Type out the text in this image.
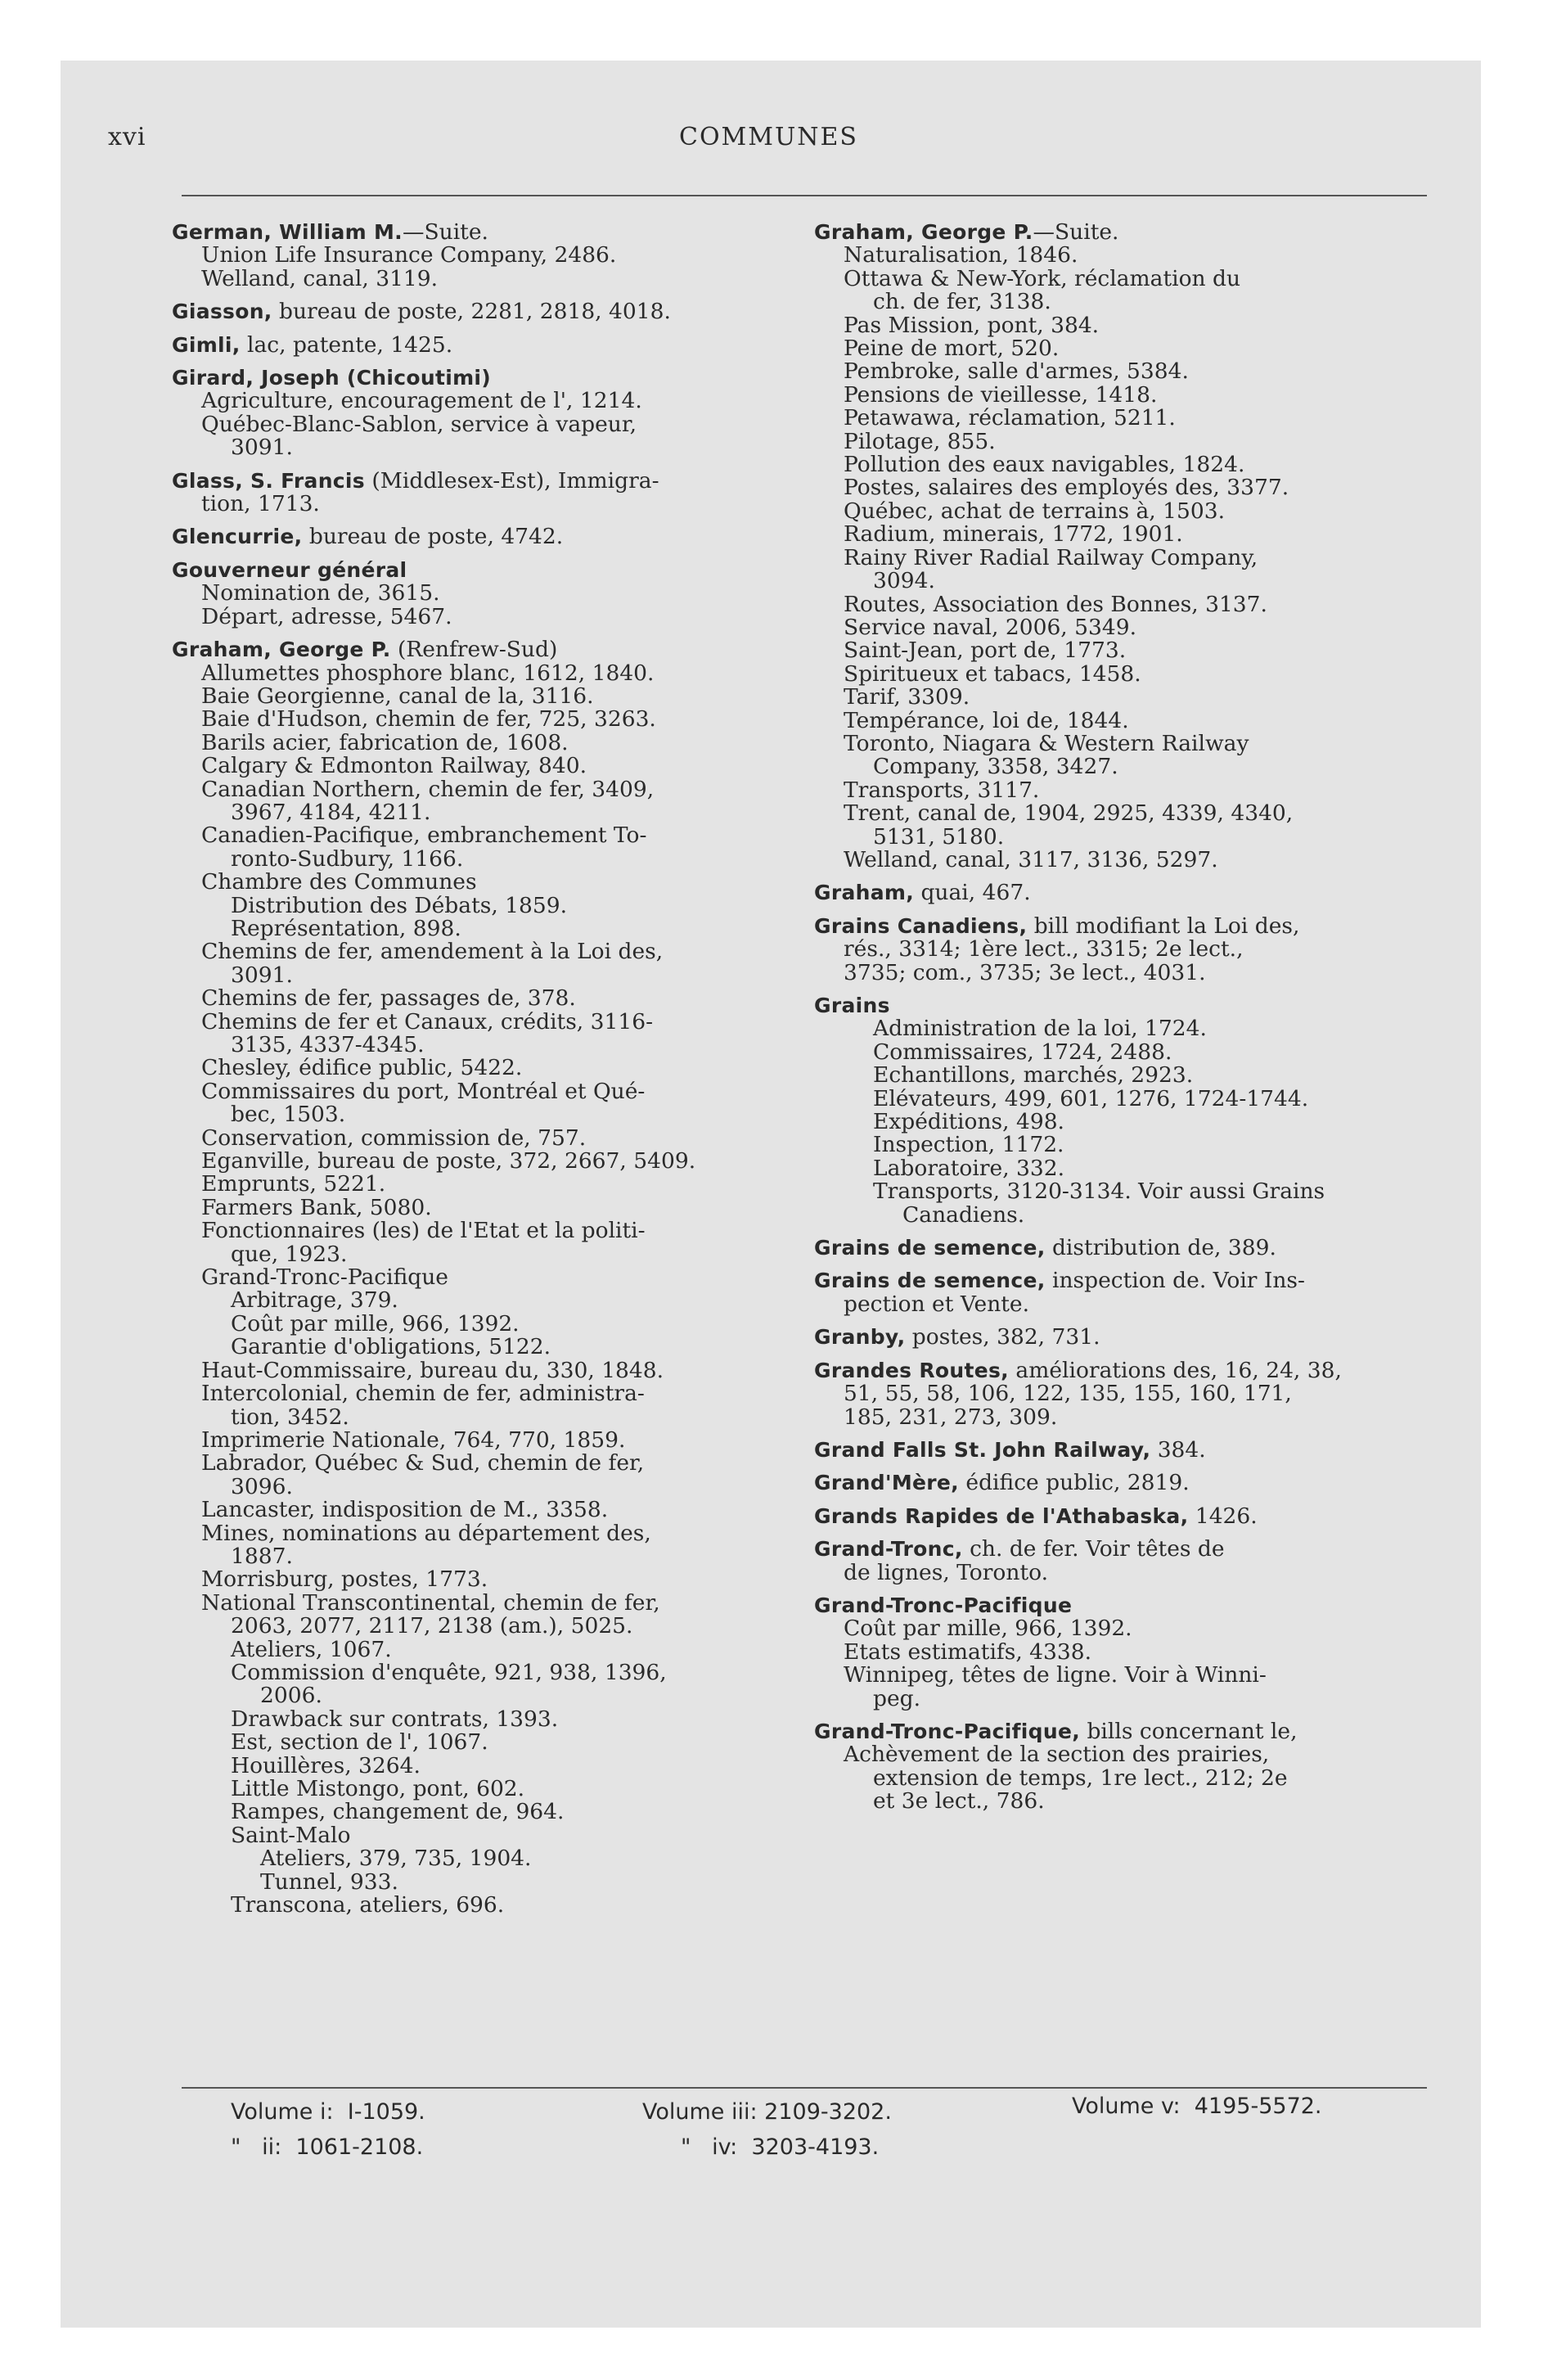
xvi	COMMUNES
German, William M.—Suite.
Union Life Insurance Company, 2486.
Welland, canal, 3119.
Giasson, bureau de poste, 2281, 2818, 4018.
Gimli, lac, patente, 1425.
Girard, Joseph (Chicoutimi)
Agriculture, encouragement de l', 1214.
Québec-Blanc-Sablon, service à vapeur,
3091.
Glass, S. Francis (Middlesex-Est), Immigra-
tion, 1713.
Glencurrie, bureau de poste, 4742.
Gouverneur général
Nomination de, 3615.
Départ, adresse, 5467.
Graham, George P. (Renfrew-Sud)
Allumettes phosphore blanc, 1612, 1840.
Baie Georgienne, canal de la, 3116.
Baie d'Hudson, chemin de fer, 725, 3263.
Barils acier, fabrication de, 1608.
Calgary & Edmonton Railway, 840.
Canadian Northern, chemin de fer, 3409,
3967, 4184, 4211.
Canadien-Pacifique, embranchement To-
ronto-Sudbury, 1166.
Chambre des Communes
Distribution des Débats, 1859.
Représentation, 898.
Chemins de fer, amendement à la Loi des,
3091.
Chemins de fer, passages de, 378.
Chemins de fer et Canaux, crédits, 3116-
3135, 4337-4345.
Chesley, édifice public, 5422.
Commissaires du port, Montréal et Qué-
bec, 1503.
Conservation, commission de, 757.
Eganville, bureau de poste, 372, 2667, 5409.
Emprunts, 5221.
Farmers Bank, 5080.
Fonctionnaires (les) de l'Etat et la politi-
que, 1923.
Grand-Tronc-Pacifique
Arbitrage, 379.
Coût par mille, 966, 1392.
Garantie d'obligations, 5122.
Haut-Commissaire, bureau du, 330, 1848.
Intercolonial, chemin de fer, administra-
tion, 3452.
Imprimerie Nationale, 764, 770, 1859.
Labrador, Québec & Sud, chemin de fer,
3096.
Lancaster, indisposition de M., 3358.
Mines, nominations au département des,
1887.
Morrisburg, postes, 1773.
National Transcontinental, chemin de fer,
2063, 2077, 2117, 2138 (am.), 5025.
Ateliers, 1067.
Commission d'enquête, 921, 938, 1396,
2006.
Drawback sur contrats, 1393.
Est, section de l', 1067.
Houillères, 3264.
Little Mistongo, pont, 602.
Rampes, changement de, 964.
Saint-Malo
Ateliers, 379, 735, 1904.
Tunnel, 933.
Transcona, ateliers, 696.
Graham, George P.—Suite.
Naturalisation, 1846.
Ottawa & New-York, réclamation du
ch. de fer, 3138.
Pas Mission, pont, 384.
Peine de mort, 520.
Pembroke, salle d'armes, 5384.
Pensions de vieillesse, 1418.
Petawawa, réclamation, 5211.
Pilotage, 855.
Pollution des eaux navigables, 1824.
Postes, salaires des employés des, 3377.
Québec, achat de terrains à, 1503.
Radium, minerais, 1772, 1901.
Rainy River Radial Railway Company,
3094.
Routes, Association des Bonnes, 3137.
Service naval, 2006, 5349.
Saint-Jean, port de, 1773.
Spiritueux et tabacs, 1458.
Tarif, 3309.
Tempérance, loi de, 1844.
Toronto, Niagara & Western Railway
Company, 3358, 3427.
Transports, 3117.
Trent, canal de, 1904, 2925, 4339, 4340,
5131, 5180.
Welland, canal, 3117, 3136, 5297.
Graham, quai, 467.
Grains Canadiens, bill modifiant la Loi des,
rés., 3314; 1ère lect., 3315; 2e lect.,
3735; com., 3735; 3e lect., 4031.
Grains
Administration de la loi, 1724.
Commissaires, 1724, 2488.
Echantillons, marchés, 2923.
Elévateurs, 499, 601, 1276, 1724-1744.
Expéditions, 498.
Inspection, 1172.
Laboratoire, 332.
Transports, 3120-3134. Voir aussi Grains
Canadiens.
Grains de semence, distribution de, 389.
Grains de semence, inspection de. Voir Ins-
pection et Vente.
Granby, postes, 382, 731.
Grandes Routes, améliorations des, 16, 24, 38,
51, 55, 58, 106, 122, 135, 155, 160, 171,
185, 231, 273, 309.
Grand Falls St. John Railway, 384.
Grand'Mère, édifice public, 2819.
Grands Rapides de l'Athabaska, 1426.
Grand-Tronc, ch. de fer. Voir têtes de
de lignes, Toronto.
Grand-Tronc-Pacifique
Coût par mille, 966, 1392.
Etats estimatifs, 4338.
Winnipeg, têtes de ligne. Voir à Winni-
peg.
Grand-Tronc-Pacifique, bills concernant le,
Achèvement de la section des prairies,
extension de temps, 1re lect., 212; 2e
et 3e lect., 786.
Volume i:  I-1059.
"   ii:  1061-2108.
Volume iii: 2109-3202.
"   iv:  3203-4193.
Volume v:  4195-5572.
